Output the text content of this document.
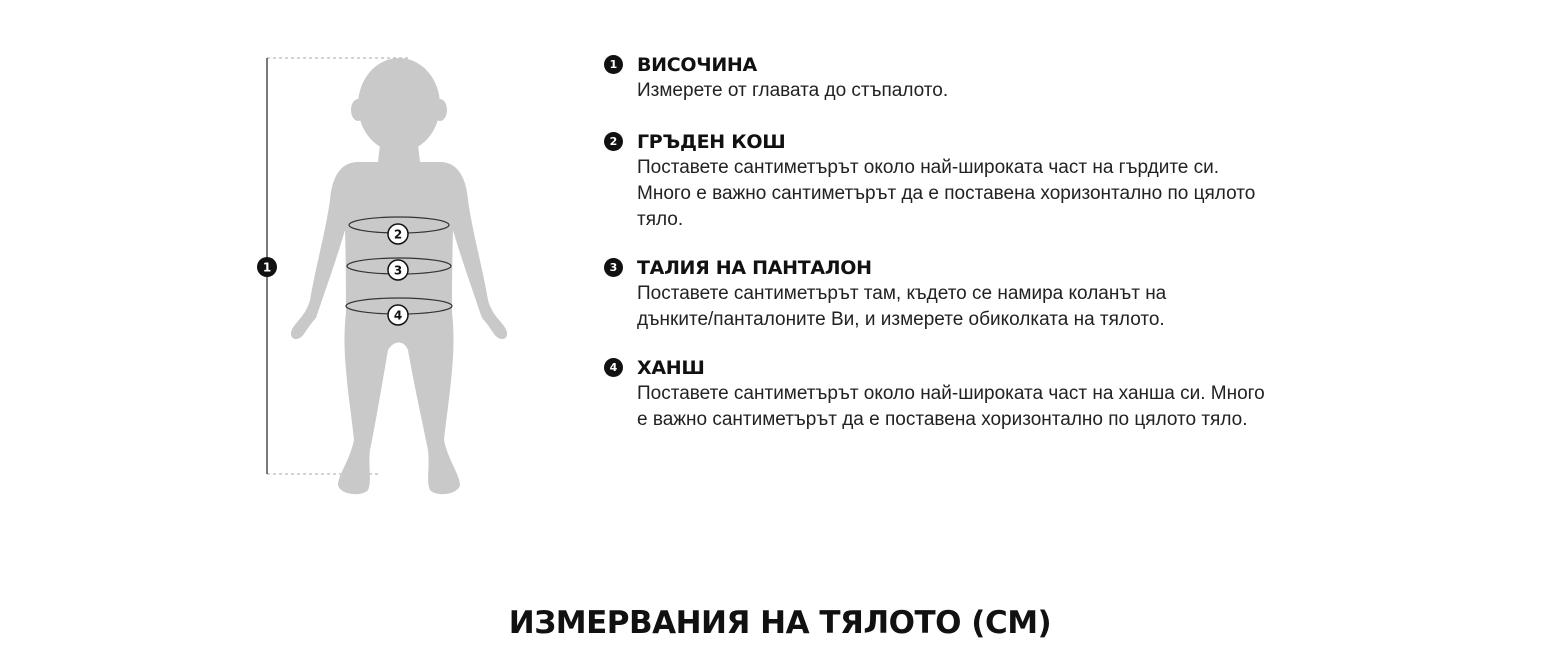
1
2
3
4
1 ВИСОЧИНА
Измерете от главата до стъпалото.
2 ГРЪДЕН КОШ
Поставете сантиметърът около най-широката част на гърдите си.
Много е важно сантиметърът да е поставена хоризонтално по цялото
тяло.
3 ТАЛИЯ НА ПАНТАЛОН
Поставете сантиметърът там, където се намира коланът на
дънките/панталоните Ви, и измерете обиколката на тялото.
4 ХАНШ
Поставете сантиметърът около най-широката част на ханша си. Много
е важно сантиметърът да е поставена хоризонтално по цялото тяло.
ИЗМЕРВАНИЯ НА ТЯЛОТО (СМ)
